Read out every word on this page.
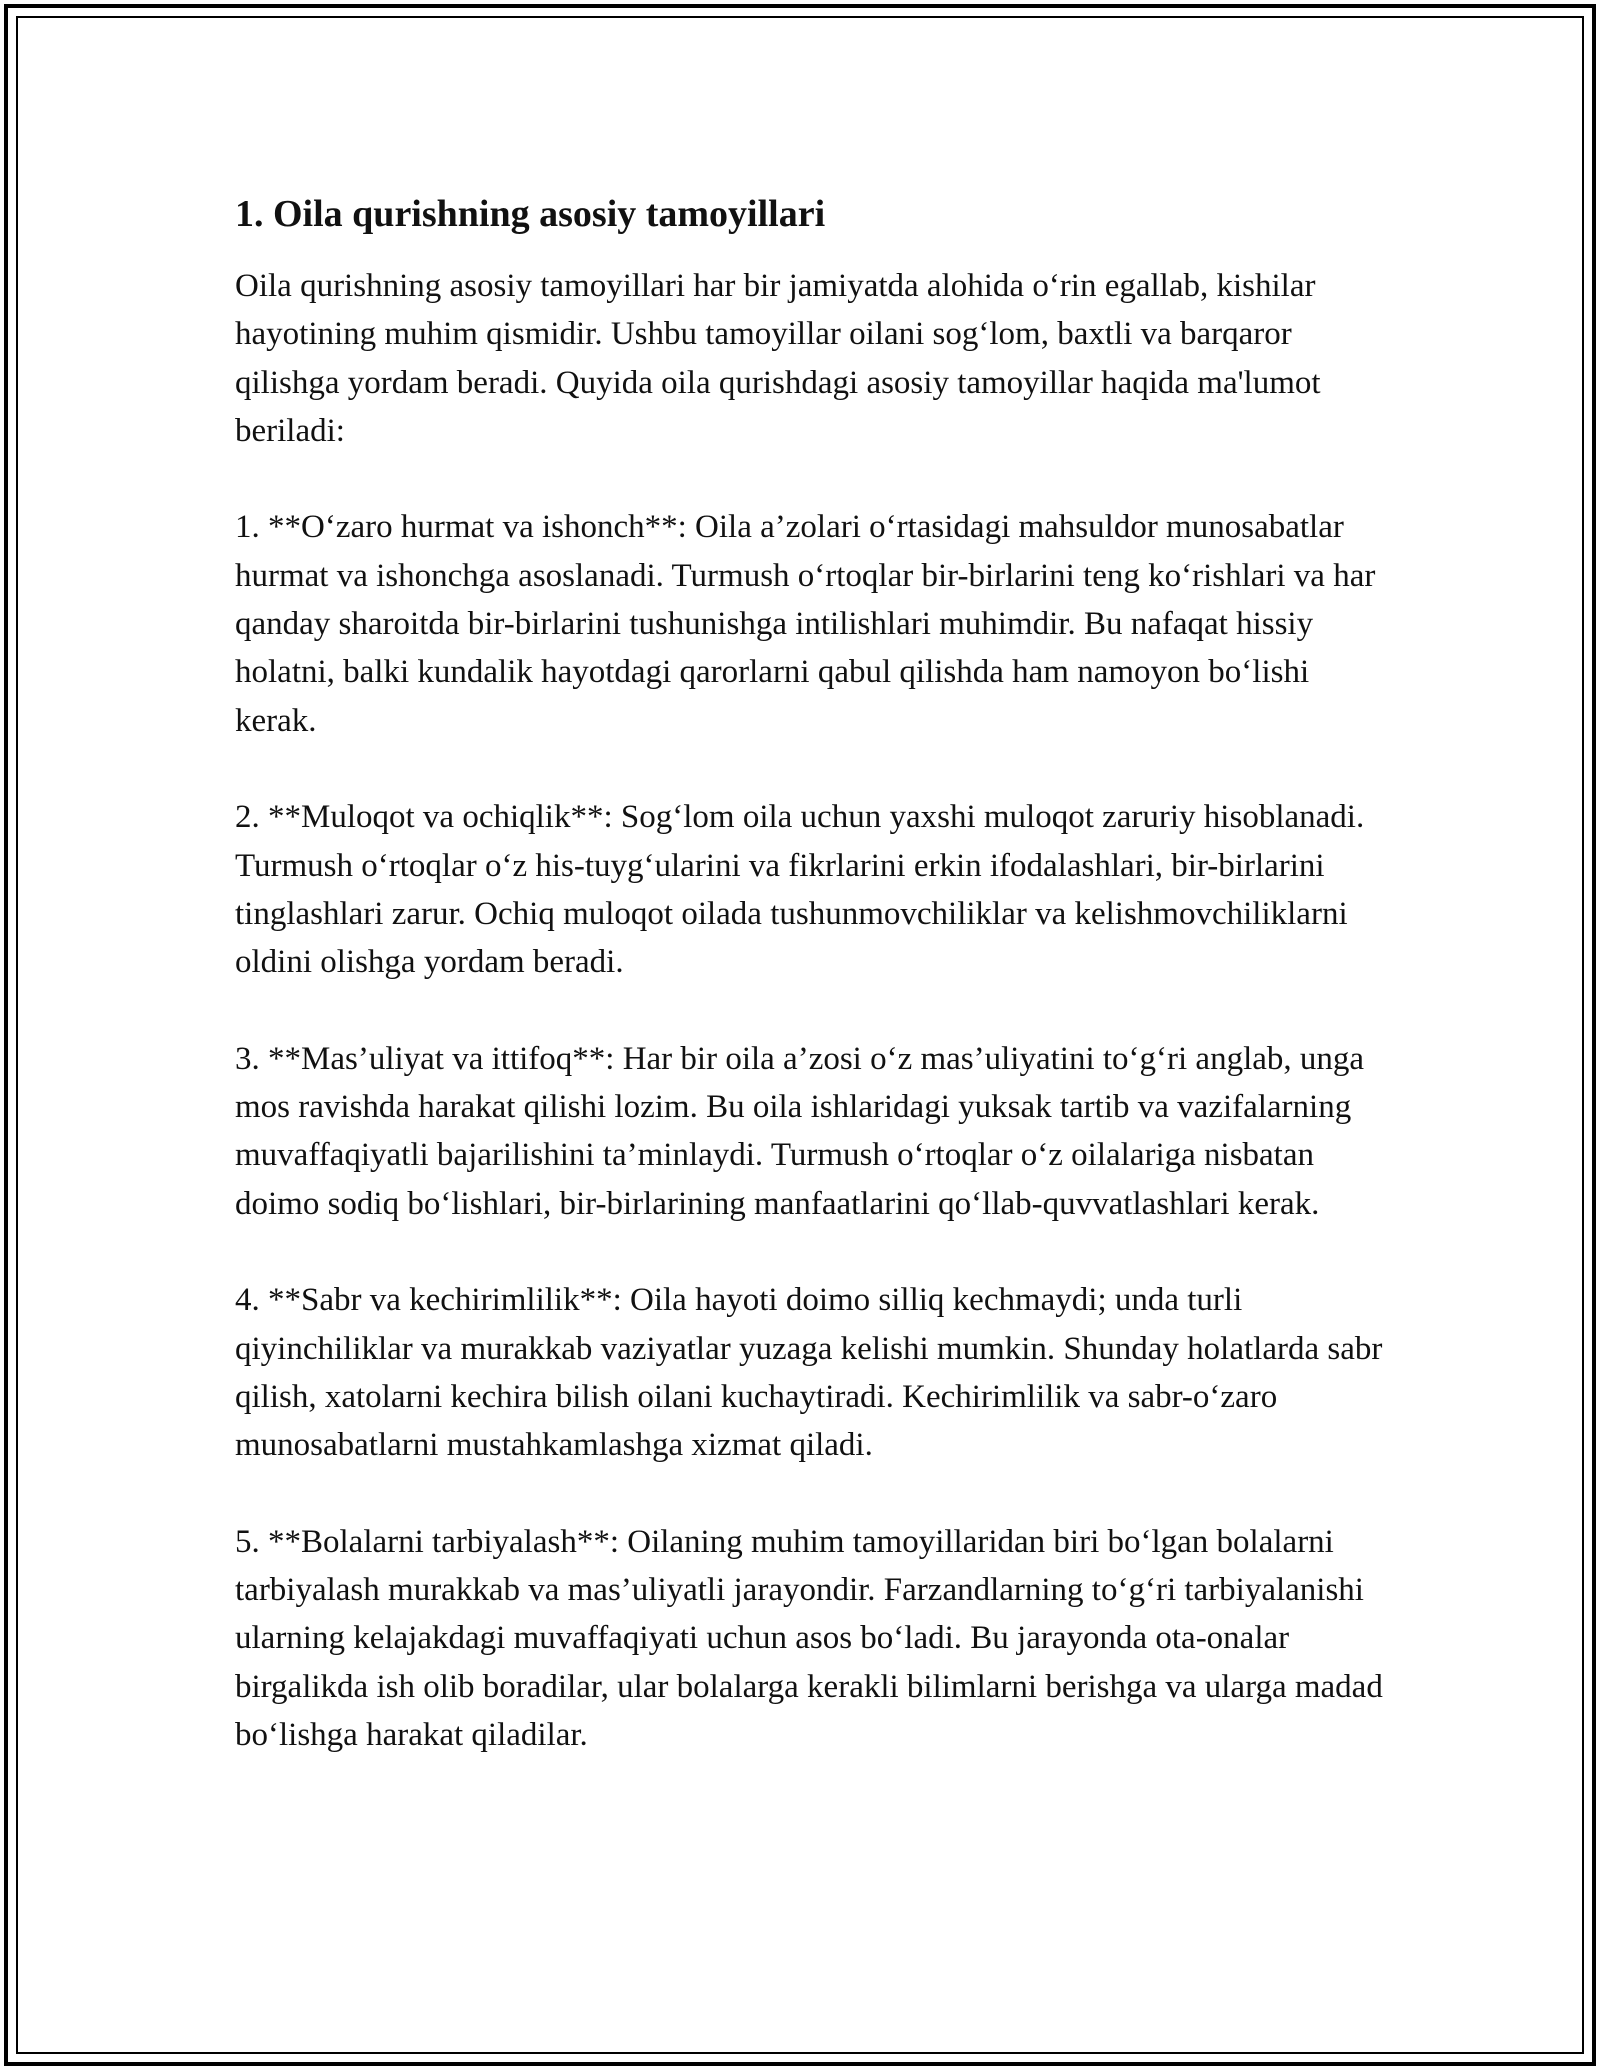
1. Oila qurishning asosiy tamoyillari

Oila qurishning asosiy tamoyillari har bir jamiyatda alohida o‘rin egallab, kishilar hayotining muhim qismidir. Ushbu tamoyillar oilani sog‘lom, baxtli va barqaror qilishga yordam beradi. Quyida oila qurishdagi asosiy tamoyillar haqida ma'lumot beriladi:

1. **O‘zaro hurmat va ishonch**: Oila a’zolari o‘rtasidagi mahsuldor munosabatlar hurmat va ishonchga asoslanadi. Turmush o‘rtoqlar bir-birlarini teng ko‘rishlari va har qanday sharoitda bir-birlarini tushunishga intilishlari muhimdir. Bu nafaqat hissiy holatni, balki kundalik hayotdagi qarorlarni qabul qilishda ham namoyon bo‘lishi kerak.

2. **Muloqot va ochiqlik**: Sog‘lom oila uchun yaxshi muloqot zaruriy hisoblanadi. Turmush o‘rtoqlar o‘z his-tuyg‘ularini va fikrlarini erkin ifodalashlari, bir-birlarini tinglashlari zarur. Ochiq muloqot oilada tushunmovchiliklar va kelishmovchiliklarni oldini olishga yordam beradi.

3. **Mas’uliyat va ittifoq**: Har bir oila a’zosi o‘z mas’uliyatini to‘g‘ri anglab, unga mos ravishda harakat qilishi lozim. Bu oila ishlaridagi yuksak tartib va vazifalarning muvaffaqiyatli bajarilishini ta’minlaydi. Turmush o‘rtoqlar o‘z oilalariga nisbatan doimo sodiq bo‘lishlari, bir-birlarining manfaatlarini qo‘llab-quvvatlashlari kerak.

4. **Sabr va kechirimlilik**: Oila hayoti doimo silliq kechmaydi; unda turli qiyinchiliklar va murakkab vaziyatlar yuzaga kelishi mumkin. Shunday holatlarda sabr qilish, xatolarni kechira bilish oilani kuchaytiradi. Kechirimlilik va sabr-o‘zaro munosabatlarni mustahkamlashga xizmat qiladi.

5. **Bolalarni tarbiyalash**: Oilaning muhim tamoyillaridan biri bo‘lgan bolalarni tarbiyalash murakkab va mas’uliyatli jarayondir. Farzandlarning to‘g‘ri tarbiyalanishi ularning kelajakdagi muvaffaqiyati uchun asos bo‘ladi. Bu jarayonda ota-onalar birgalikda ish olib boradilar, ular bolalarga kerakli bilimlarni berishga va ularga madad bo‘lishga harakat qiladilar.
